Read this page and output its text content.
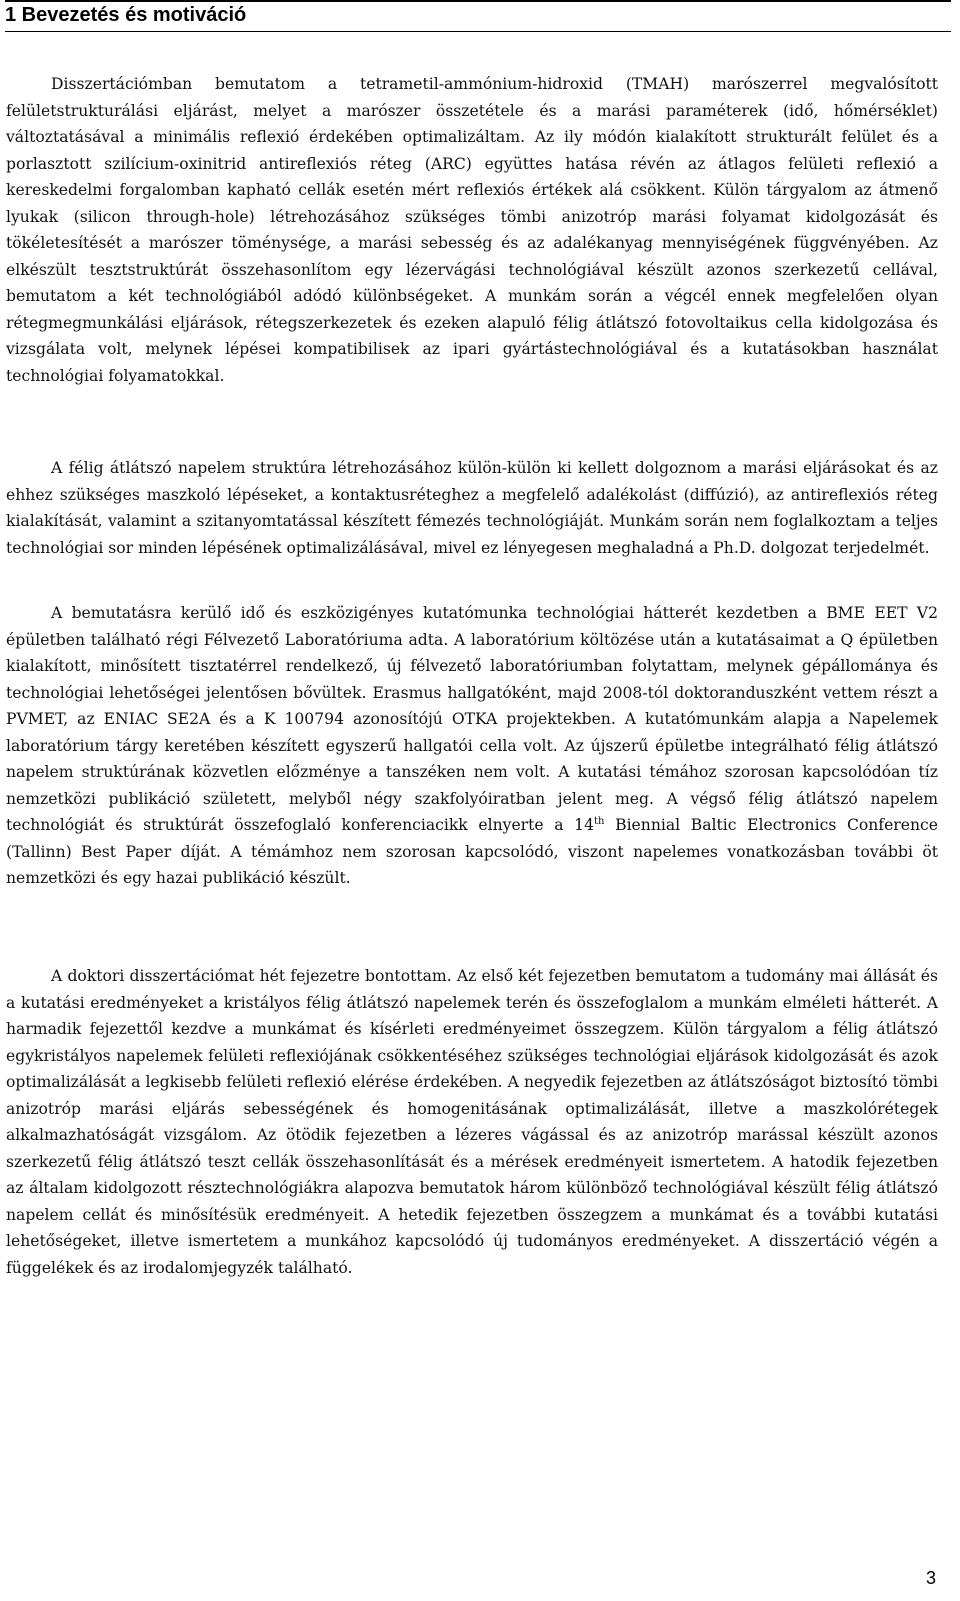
1 Bevezetés és motiváció

Disszertációmban bemutatom a tetrametil-ammónium-hidroxid (TMAH) marószerrel megvalósított felületstrukturálási eljárást, melyet a marószer összetétele és a marási paraméterek (idő, hőmérséklet) változtatásával a minimális reflexió érdekében optimalizáltam. Az ily módón kialakított strukturált felület és a porlasztott szilícium-oxinitrid antireflexiós réteg (ARC) együttes hatása révén az átlagos felületi reflexió a kereskedelmi forgalomban kapható cellák esetén mért reflexiós értékek alá csökkent. Külön tárgyalom az átmenő lyukak (silicon through-hole) létrehozásához szükséges tömbi anizotróp marási folyamat kidolgozását és tökéletesítését a marószer töménysége, a marási sebesség és az adalékanyag mennyiségének függvényében. Az elkészült tesztstruktúrát összehasonlítom egy lézervágási technológiával készült azonos szerkezetű cellával, bemutatom a két technológiából adódó különbségeket. A munkám során a végcél ennek megfelelően olyan rétegmegmunkálási eljárások, rétegszerkezetek és ezeken alapuló félig átlátszó fotovoltaikus cella kidolgozása és vizsgálata volt, melynek lépései kompatibilisek az ipari gyártástechnológiával és a kutatásokban használat technológiai folyamatokkal.

A félig átlátszó napelem struktúra létrehozásához külön-külön ki kellett dolgoznom a marási eljárásokat és az ehhez szükséges maszkoló lépéseket, a kontaktusréteghez a megfelelő adalékolást (diffúzió), az antireflexiós réteg kialakítását, valamint a szitanyomtatással készített fémezés technológiáját. Munkám során nem foglalkoztam a teljes technológiai sor minden lépésének optimalizálásával, mivel ez lényegesen meghaladná a Ph.D. dolgozat terjedelmét.

A bemutatásra kerülő idő és eszközigényes kutatómunka technológiai hátterét kezdetben a BME EET V2 épületben található régi Félvezető Laboratóriuma adta. A laboratórium költözése után a kutatásaimat a Q épületben kialakított, minősített tisztatérrel rendelkező, új félvezető laboratóriumban folytattam, melynek gépállománya és technológiai lehetőségei jelentősen bővültek. Erasmus hallgatóként, majd 2008-tól doktoranduszként vettem részt a PVMET, az ENIAC SE2A és a K 100794 azonosítójú OTKA projektekben. A kutatómunkám alapja a Napelemek laboratórium tárgy keretében készített egyszerű hallgatói cella volt. Az újszerű épületbe integrálható félig átlátszó napelem struktúrának közvetlen előzménye a tanszéken nem volt. A kutatási témához szorosan kapcsolódóan tíz nemzetközi publikáció született, melyből négy szakfolyóiratban jelent meg. A végső félig átlátszó napelem technológiát és struktúrát összefoglaló konferenciacikk elnyerte a 14th Biennial Baltic Electronics Conference (Tallinn) Best Paper díját. A témámhoz nem szorosan kapcsolódó, viszont napelemes vonatkozásban további öt nemzetközi és egy hazai publikáció készült.

A doktori disszertációmat hét fejezetre bontottam. Az első két fejezetben bemutatom a tudomány mai állását és a kutatási eredményeket a kristályos félig átlátszó napelemek terén és összefoglalom a munkám elméleti hátterét. A harmadik fejezettől kezdve a munkámat és kísérleti eredményeimet összegzem. Külön tárgyalom a félig átlátszó egykristályos napelemek felületi reflexiójának csökkentéséhez szükséges technológiai eljárások kidolgozását és azok optimalizálását a legkisebb felületi reflexió elérése érdekében. A negyedik fejezetben az átlátszóságot biztosító tömbi anizotróp marási eljárás sebességének és homogenitásának optimalizálását, illetve a maszkolórétegek alkalmazhatóságát vizsgálom. Az ötödik fejezetben a lézeres vágással és az anizotróp marással készült azonos szerkezetű félig átlátszó teszt cellák összehasonlítását és a mérések eredményeit ismertetem. A hatodik fejezetben az általam kidolgozott résztechnológiákra alapozva bemutatok három különböző technológiával készült félig átlátszó napelem cellát és minősítésük eredményeit. A hetedik fejezetben összegzem a munkámat és a további kutatási lehetőségeket, illetve ismertetem a munkához kapcsolódó új tudományos eredményeket. A disszertáció végén a függelékek és az irodalomjegyzék található.

3
